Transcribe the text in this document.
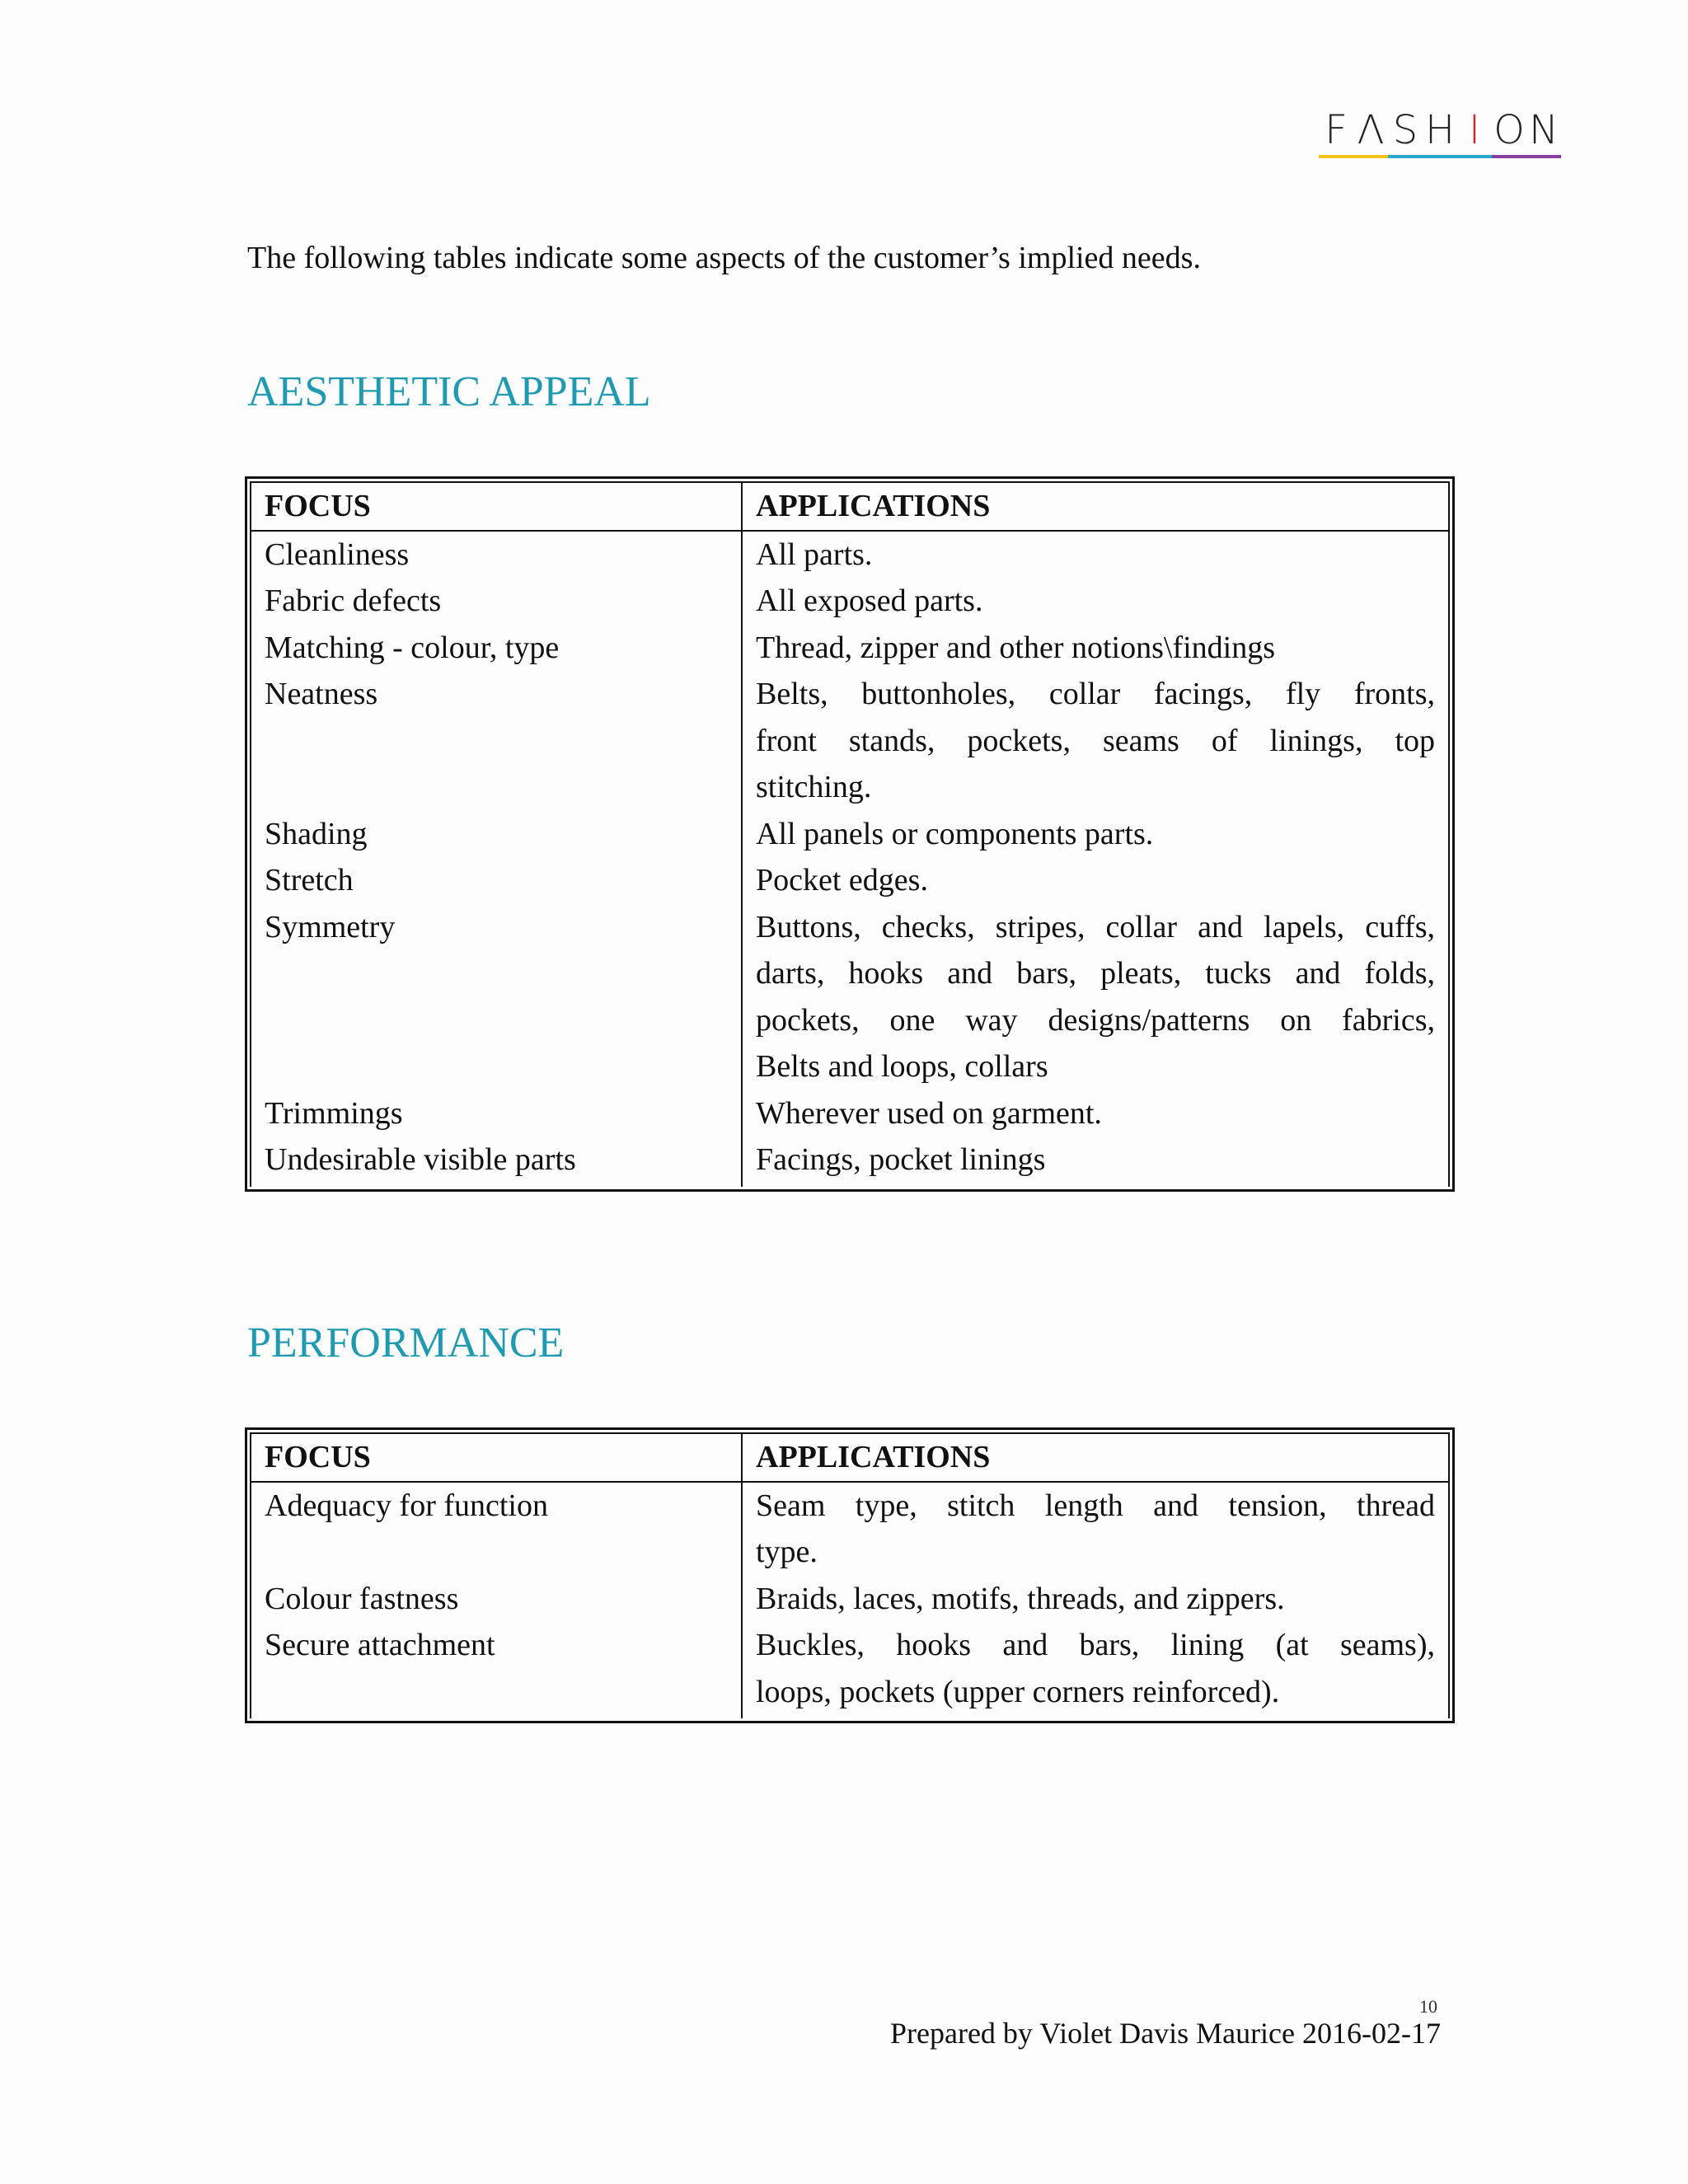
F Λ S H I O N

The following tables indicate some aspects of the customer’s implied needs.

AESTHETIC APPEAL
FOCUS	APPLICATIONS

Cleanliness	All parts.

Fabric defects	All exposed parts.

Matching - colour, type	Thread, zipper and other notions\findings

Neatness	Belts, buttonholes, collar facings, fly fronts,
front stands, pockets, seams of linings, top
stitching.

Shading	All panels or components parts.

Stretch	Pocket edges.

Symmetry	Buttons, checks, stripes, collar and lapels, cuffs,
darts, hooks and bars, pleats, tucks and folds,
pockets, one way designs/patterns on fabrics,
Belts and loops, collars

Trimmings	Wherever used on garment.

Undesirable visible parts	Facings, pocket linings
PERFORMANCE
FOCUS	APPLICATIONS

Adequacy for function	Seam type, stitch length and tension, thread
type.

Colour fastness	Braids, laces, motifs, threads, and zippers.

Secure attachment	Buckles, hooks and bars, lining (at seams),
loops, pockets (upper corners reinforced).
10
Prepared by Violet Davis Maurice 2016-02-17
